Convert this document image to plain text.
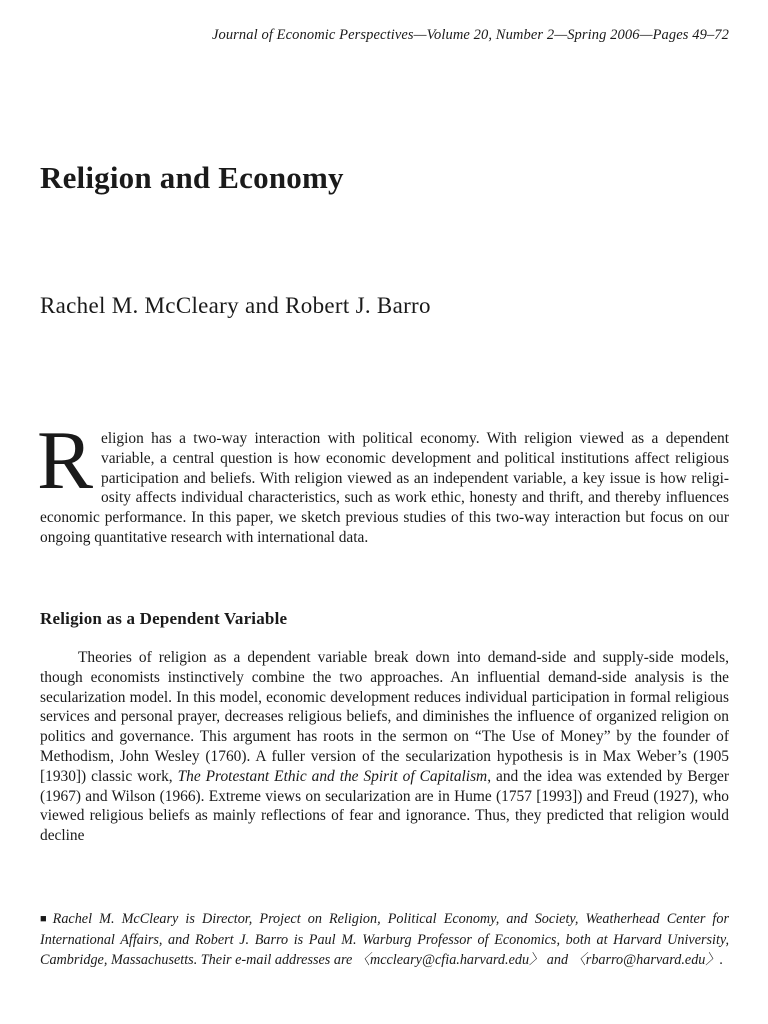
Journal of Economic Perspectives—Volume 20, Number 2—Spring 2006—Pages 49–72
Religion and Economy
Rachel M. McCleary and Robert J. Barro

Religion has a two-way interaction with political economy. With religion viewed as a dependent variable, a central question is how economic development and political institutions affect religious participation and beliefs. With religion viewed as an independent variable, a key issue is how religiosity affects individual characteristics, such as work ethic, honesty and thrift, and thereby influences economic performance. In this paper, we sketch previous studies of this two-way interaction but focus on our ongoing quantitative research with international data.

Religion as a Dependent Variable

Theories of religion as a dependent variable break down into demand-side and supply-side models, though economists instinctively combine the two approaches. An influential demand-side analysis is the secularization model. In this model, economic development reduces individual participation in formal religious services and personal prayer, decreases religious beliefs, and diminishes the influence of organized religion on politics and governance. This argument has roots in the sermon on “The Use of Money” by the founder of Methodism, John Wesley (1760). A fuller version of the secularization hypothesis is in Max Weber’s (1905 [1930]) classic work, The Protestant Ethic and the Spirit of Capitalism, and the idea was extended by Berger (1967) and Wilson (1966). Extreme views on secularization are in Hume (1757 [1993]) and Freud (1927), who viewed religious beliefs as mainly reflections of fear and ignorance. Thus, they predicted that religion would decline

■ Rachel M. McCleary is Director, Project on Religion, Political Economy, and Society, Weatherhead Center for International Affairs, and Robert J. Barro is Paul M. Warburg Professor of Economics, both at Harvard University, Cambridge, Massachusetts. Their e-mail addresses are 〈mccleary@cfia.harvard.edu〉 and 〈rbarro@harvard.edu〉.
